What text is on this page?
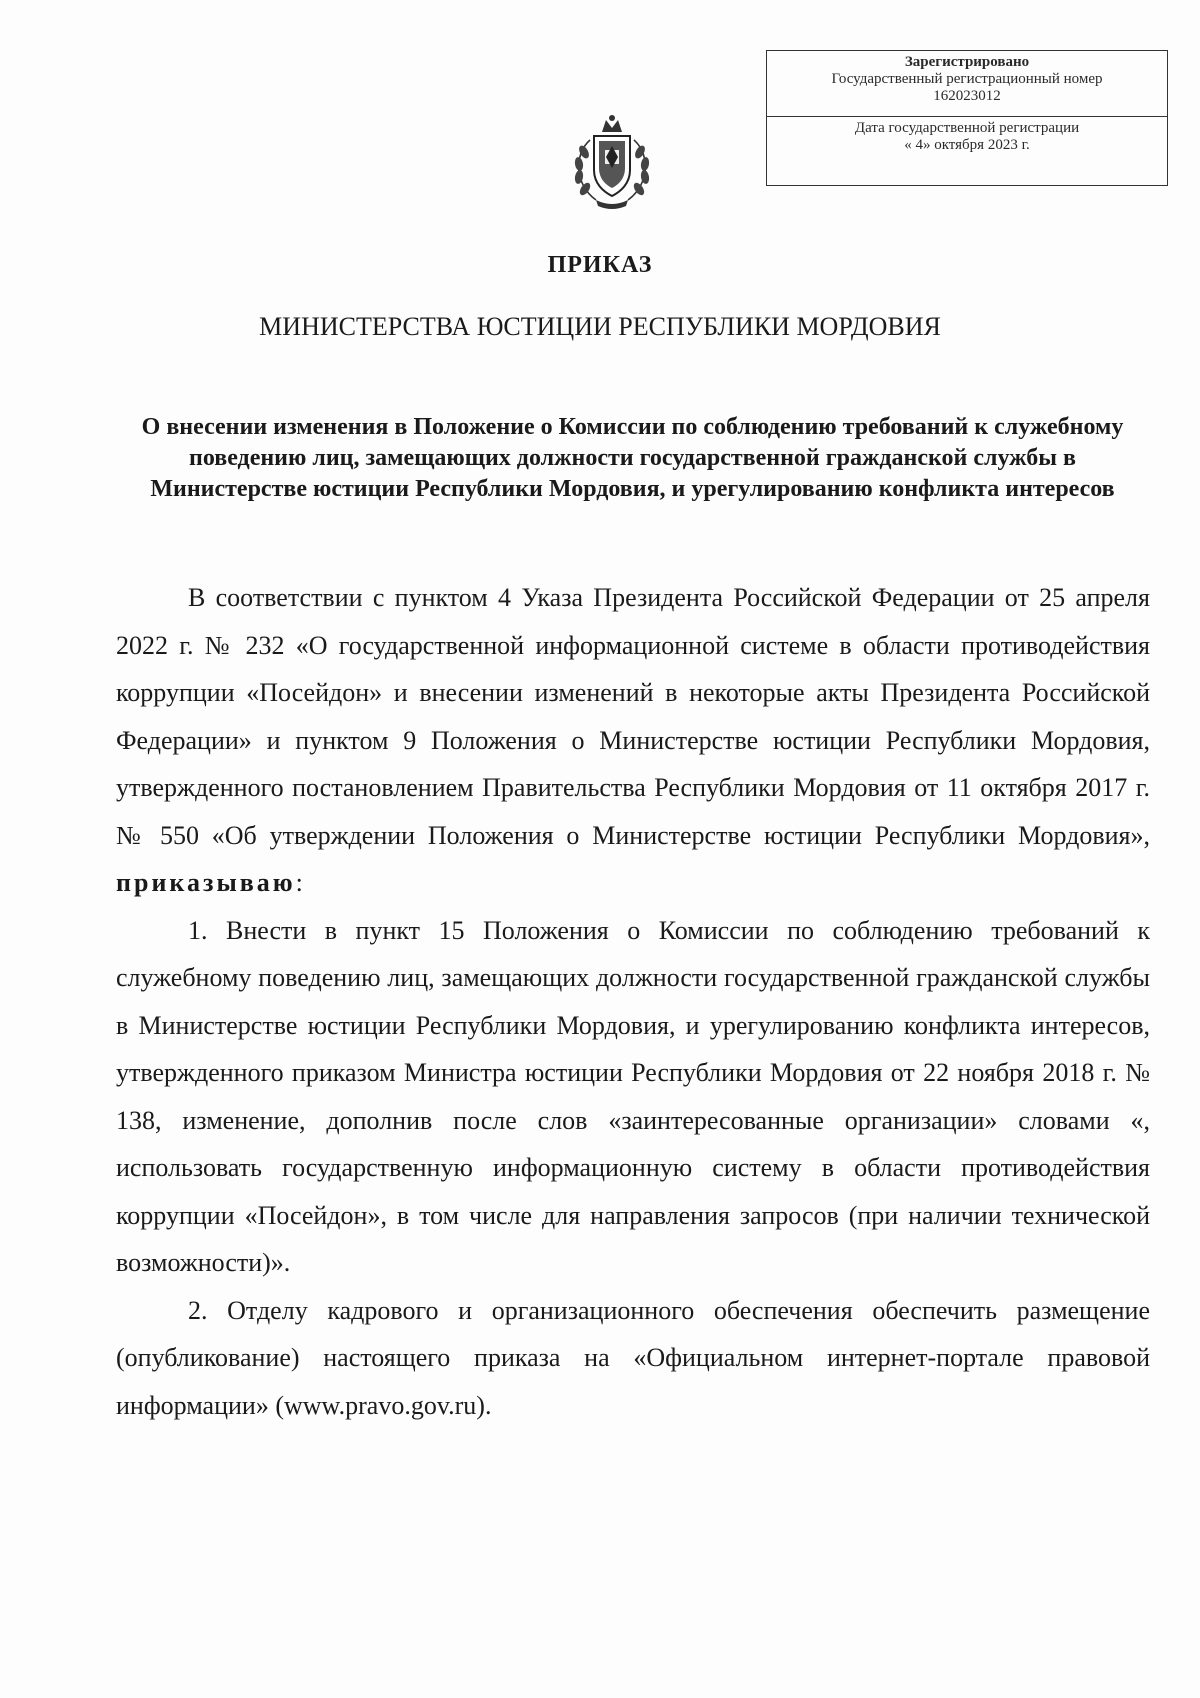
Зарегистрировано
Государственный регистрационный номер
162023012
Дата государственной регистрации
« 4» октября 2023 г.
ПРИКАЗ
МИНИСТЕРСТВА ЮСТИЦИИ РЕСПУБЛИКИ МОРДОВИЯ
О внесении изменения в Положение о Комиссии по соблюдению требований к служебному поведению лиц, замещающих должности государственной гражданской службы в Министерстве юстиции Республики Мордовия, и урегулированию конфликта интересов

В соответствии с пунктом 4 Указа Президента Российской Федерации от 25 апреля 2022 г. № 232 «О государственной информационной системе в области противодействия коррупции «Посейдон» и внесении изменений в некоторые акты Президента Российской Федерации» и пунктом 9 Положения о Министерстве юстиции Республики Мордовия, утвержденного постановлением Правительства Республики Мордовия от 11 октября 2017 г. № 550 «Об утверждении Положения о Министерстве юстиции Республики Мордовия», приказываю:

1. Внести в пункт 15 Положения о Комиссии по соблюдению требований к служебному поведению лиц, замещающих должности государственной гражданской службы в Министерстве юстиции Республики Мордовия, и урегулированию конфликта интересов, утвержденного приказом Министра юстиции Республики Мордовия от 22 ноября 2018 г. № 138, изменение, дополнив после слов «заинтересованные организации» словами «, использовать государственную информационную систему в области противодействия коррупции «Посейдон», в том числе для направления запросов (при наличии технической возможности)».

2. Отделу кадрового и организационного обеспечения обеспечить размещение (опубликование) настоящего приказа на «Официальном интернет-портале правовой информации» (www.pravo.gov.ru).
